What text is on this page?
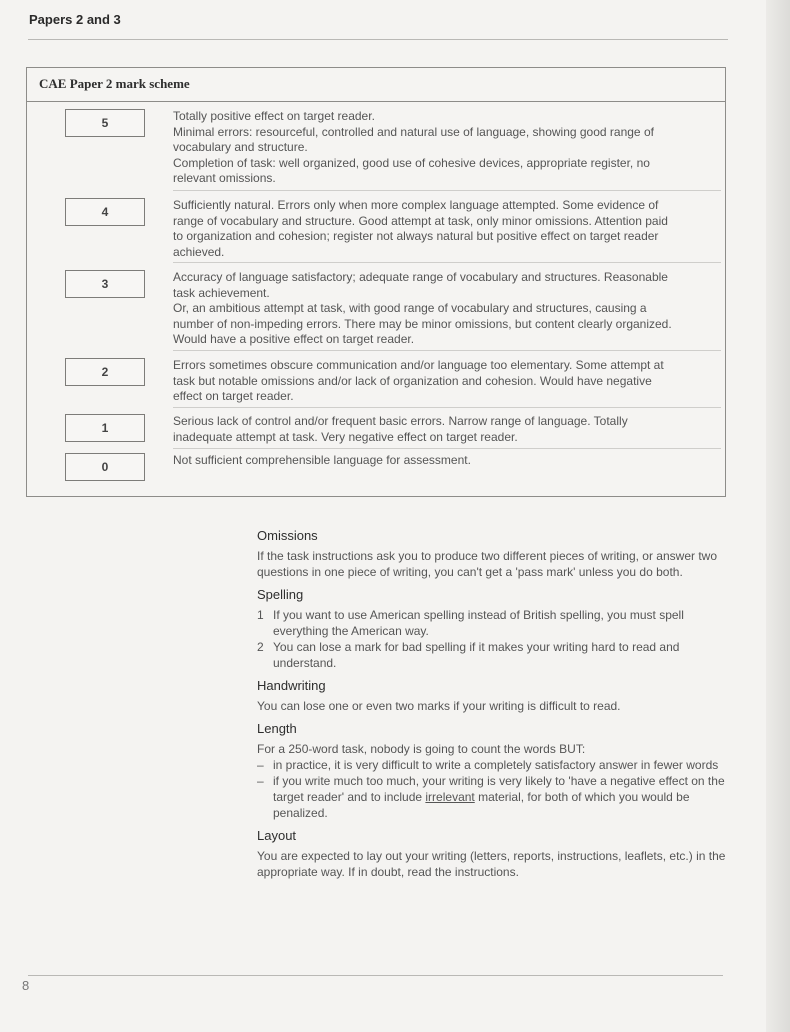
Papers 2 and 3
CAE Paper 2 mark scheme
5	Totally positive effect on target reader.

Minimal errors: resourceful, controlled and natural use of language, showing good range of vocabulary and structure.

Completion of task: well organized, good use of cohesive devices, appropriate register, no relevant omissions.

4	Sufficiently natural. Errors only when more complex language attempted. Some evidence of range of vocabulary and structure. Good attempt at task, only minor omissions. Attention paid to organization and cohesion; register not always natural but positive effect on target reader achieved.

3	Accuracy of language satisfactory; adequate range of vocabulary and structures. Reasonable task achievement.

Or, an ambitious attempt at task, with good range of vocabulary and structures, causing a number of non-impeding errors. There may be minor omissions, but content clearly organized. Would have a positive effect on target reader.

2	Errors sometimes obscure communication and/or language too elementary. Some attempt at task but notable omissions and/or lack of organization and cohesion. Would have negative effect on target reader.

1	Serious lack of control and/or frequent basic errors. Narrow range of language. Totally inadequate attempt at task. Very negative effect on target reader.

0	Not sufficient comprehensible language for assessment.

Omissions

If the task instructions ask you to produce two different pieces of writing, or answer two questions in one piece of writing, you can't get a 'pass mark' unless you do both.

Spelling
1 If you want to use American spelling instead of British spelling, you must spell everything the American way.
2 You can lose a mark for bad spelling if it makes your writing hard to read and understand.
Handwriting

You can lose one or even two marks if your writing is difficult to read.

Length

For a 250-word task, nobody is going to count the words BUT:

– in practice, it is very difficult to write a completely satisfactory answer in fewer words
– if you write much too much, your writing is very likely to 'have a negative effect on the target reader' and to include irrelevant material, for both of which you would be penalized.
Layout

You are expected to lay out your writing (letters, reports, instructions, leaflets, etc.) in the appropriate way. If in doubt, read the instructions.

8
